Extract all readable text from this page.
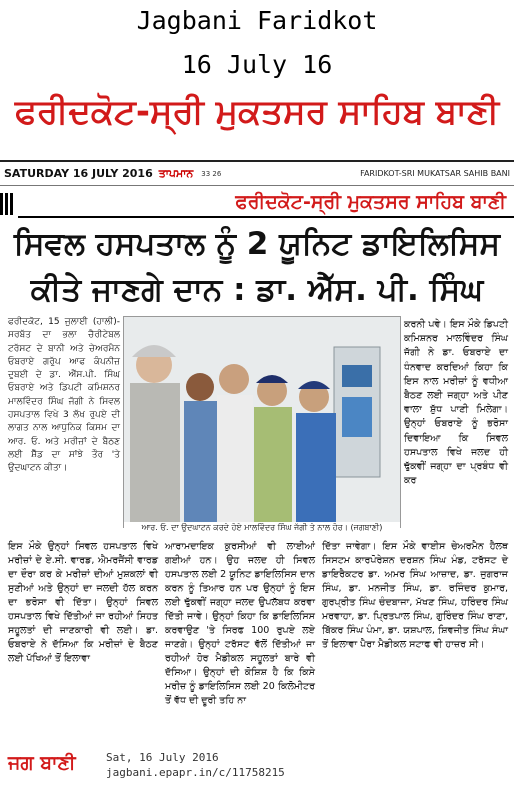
Jagbani Faridkot
16 July 16
ਫਰੀਦਕੋਟ-ਸ੍ਰੀ ਮੁਕਤਸਰ ਸਾਹਿਬ ਬਾਣੀ
SATURDAY 16 JULY 2016 ਤਾਪਮਾਨ 33 26	FARIDKOT-SRI MUKATSAR SAHIB BANI
ਫਰੀਦਕੋਟ-ਸ੍ਰੀ ਮੁਕਤਸਰ ਸਾਹਿਬ ਬਾਣੀ
ਸਿਵਲ ਹਸਪਤਾਲ ਨੂੰ 2 ਯੂਨਿਟ ਡਾਇਲਿਸਿਸ
ਕੀਤੇ ਜਾਣਗੇ ਦਾਨ : ਡਾ. ਐੱਸ. ਪੀ. ਸਿੰਘ
ਫਰੀਦਕੋਟ, 15 ਜੁਲਾਈ (ਹਾਲੀ)-ਸਰਬੱਤ ਦਾ ਭਲਾ ਚੈਰੀਟੇਬਲ ਟਰੱਸਟ ਦੇ ਬਾਨੀ ਅਤੇ ਚੇਅਰਮੈਨ ਓਬਰਾਏ ਗਰੁੱਪ ਆਫ ਕੰਪਨੀਜ਼ ਦੁਬਈ ਦੇ ਡਾ. ਐੱਸ.ਪੀ. ਸਿੰਘ ਓਬਰਾਏ ਅਤੇ ਡਿਪਟੀ ਕਮਿਸ਼ਨਰ ਮਾਲਵਿੰਦਰ ਸਿੰਘ ਜੱਗੀ ਨੇ ਸਿਵਲ ਹਸਪਤਾਲ ਵਿਖੇ 3 ਲੱਖ ਰੁਪਏ ਦੀ ਲਾਗਤ ਨਾਲ ਆਧੁਨਿਕ ਕਿਸਮ ਦਾ ਆਰ. ਓ. ਅਤੇ ਮਰੀਜ਼ਾਂ ਦੇ ਬੈਠਣ ਲਈ ਸ਼ੈੱਡ ਦਾ ਸਾਂਝੇ ਤੌਰ 'ਤੇ ਉਦਘਾਟਨ ਕੀਤਾ।
ਆਰ. ਓ. ਦਾ ਉਦਘਾਟਨ ਕਰਦੇ ਹੋਏ ਮਾਲਵਿੰਦਰ ਸਿੰਘ ਜੱਗੀ ਤੇ ਨਾਲ ਹੋਰ। (ਜਗਬਾਣੀ)
ਕਰਨੀ ਪਵੇ। ਇਸ ਮੌਕੇ ਡਿਪਟੀ ਕਮਿਸ਼ਨਰ ਮਾਲਵਿੰਦਰ ਸਿੰਘ ਜੱਗੀ ਨੇ ਡਾ. ਓਬਰਾਏ ਦਾ ਧੰਨਵਾਦ ਕਰਦਿਆਂ ਕਿਹਾ ਕਿ ਇਸ ਨਾਲ ਮਰੀਜ਼ਾਂ ਨੂੰ ਵਧੀਆ ਬੈਠਣ ਲਈ ਜਗ੍ਹਾ ਅਤੇ ਪੀਣ ਵਾਲਾ ਸ਼ੁੱਧ ਪਾਣੀ ਮਿਲੇਗਾ। ਉਨ੍ਹਾਂ ਓਬਰਾਏ ਨੂੰ ਭਰੋਸਾ ਦਿਵਾਇਆ ਕਿ ਸਿਵਲ ਹਸਪਤਾਲ ਵਿਖੇ ਜਲਦ ਹੀ ਢੁੱਕਵੀਂ ਜਗ੍ਹਾ ਦਾ ਪ੍ਰਬੰਧ ਵੀ ਕਰ
ਇਸ ਮੌਕੇ ਉਨ੍ਹਾਂ ਸਿਵਲ ਹਸਪਤਾਲ ਵਿਖੇ ਮਰੀਜ਼ਾਂ ਦੇ ਏ.ਸੀ. ਵਾਰਡ, ਐਮਰਜੈਂਸੀ ਵਾਰਡ ਦਾ ਦੌਰਾ ਕਰ ਕੇ ਮਰੀਜ਼ਾਂ ਦੀਆਂ ਮੁਸ਼ਕਲਾਂ ਵੀ ਸੁਣੀਆਂ ਅਤੇ ਉਨ੍ਹਾਂ ਦਾ ਜਲਦੀ ਹੱਲ ਕਰਨ ਦਾ ਭਰੋਸਾ ਵੀ ਦਿੱਤਾ। ਉਨ੍ਹਾਂ ਸਿਵਲ ਹਸਪਤਾਲ ਵਿਖੇ ਦਿੱਤੀਆਂ ਜਾ ਰਹੀਆਂ ਸਿਹਤ ਸਹੂਲਤਾਂ ਦੀ ਜਾਣਕਾਰੀ ਵੀ ਲਈ। ਡਾ. ਓਬਰਾਏ ਨੇ ਦੱਸਿਆ ਕਿ ਮਰੀਜ਼ਾਂ ਦੇ ਬੈਠਣ ਲਈ ਪੱਖਿਆਂ ਤੋਂ ਇਲਾਵਾ
ਆਰਾਮਦਾਇਕ ਕੁਰਸੀਆਂ ਵੀ ਲਾਈਆਂ ਗਈਆਂ ਹਨ। ਉਹ ਜਲਦ ਹੀ ਸਿਵਲ ਹਸਪਤਾਲ ਲਈ 2 ਯੂਨਿਟ ਡਾਇਲਿਸਿਸ ਦਾਨ ਕਰਨ ਨੂੰ ਤਿਆਰ ਹਨ ਪਰ ਉਨ੍ਹਾਂ ਨੂੰ ਇਸ ਲਈ ਢੁੱਕਵੀਂ ਜਗ੍ਹਾ ਜਲਦ ਉਪਲੱਬਧ ਕਰਵਾ ਦਿੱਤੀ ਜਾਵੇ। ਉਨ੍ਹਾਂ ਕਿਹਾ ਕਿ ਡਾਇਲਿਸਿਸ ਕਰਵਾਉਣ 'ਤੇ ਸਿਰਫ 100 ਰੁਪਏ ਲਏ ਜਾਣਗੇ। ਉਨ੍ਹਾਂ ਟਰੱਸਟ ਵੱਲੋਂ ਦਿੱਤੀਆਂ ਜਾ ਰਹੀਆਂ ਹੋਰ ਮੈਡੀਕਲ ਸਹੂਲਤਾਂ ਬਾਰੇ ਵੀ ਦੱਸਿਆ। ਉਨ੍ਹਾਂ ਦੀ ਕੋਸ਼ਿਸ਼ ਹੈ ਕਿ ਕਿਸੇ ਮਰੀਜ਼ ਨੂੰ ਡਾਇਲਿਸਿਸ ਲਈ 20 ਕਿਲੋਮੀਟਰ ਤੋਂ ਵੱਧ ਦੀ ਦੂਰੀ ਤਹਿ ਨਾ
ਦਿੱਤਾ ਜਾਵੇਗਾ। ਇਸ ਮੌਕੇ ਵਾਈਸ ਚੇਅਰਮੈਨ ਹੈਲਥ ਸਿਸਟਮ ਕਾਰਪੋਰੇਸ਼ਨ ਦਰਸ਼ਨ ਸਿੰਘ ਮੰਡ, ਟਰੱਸਟ ਦੇ ਡਾਇਰੈਕਟਰ ਡਾ. ਅਮਰ ਸਿੰਘ ਆਜ਼ਾਦ, ਡਾ. ਜੁਗਰਾਜ ਸਿੰਘ, ਡਾ. ਮਨਜੀਤ ਸਿੰਘ, ਡਾ. ਰਜਿੰਦਰ ਕੁਮਾਰ, ਗੁਰਪ੍ਰੀਤ ਸਿੰਘ ਚੰਦਬਾਜਾ, ਮੱਖਣ ਸਿੰਘ, ਹਰਿੰਦਰ ਸਿੰਘ ਮਰਵਾਹਾ, ਡਾ. ਪ੍ਰਿਤਪਾਲ ਸਿੰਘ, ਗੁਰਿੰਦਰ ਸਿੰਘ ਰਾਣਾ, ਬਿੱਕਰ ਸਿੰਘ ਪੰਮਾ, ਡਾ. ਯਸ਼ਪਾਲ, ਸ਼ਿਵਜੀਤ ਸਿੰਘ ਸੰਘਾ ਤੋਂ ਇਲਾਵਾ ਪੈਰਾ ਮੈਡੀਕਲ ਸਟਾਫ ਵੀ ਹਾਜ਼ਰ ਸੀ।
ਜਗ ਬਾਣੀ	Sat, 16 July 2016
jagbani.epapr.in/c/11758215
